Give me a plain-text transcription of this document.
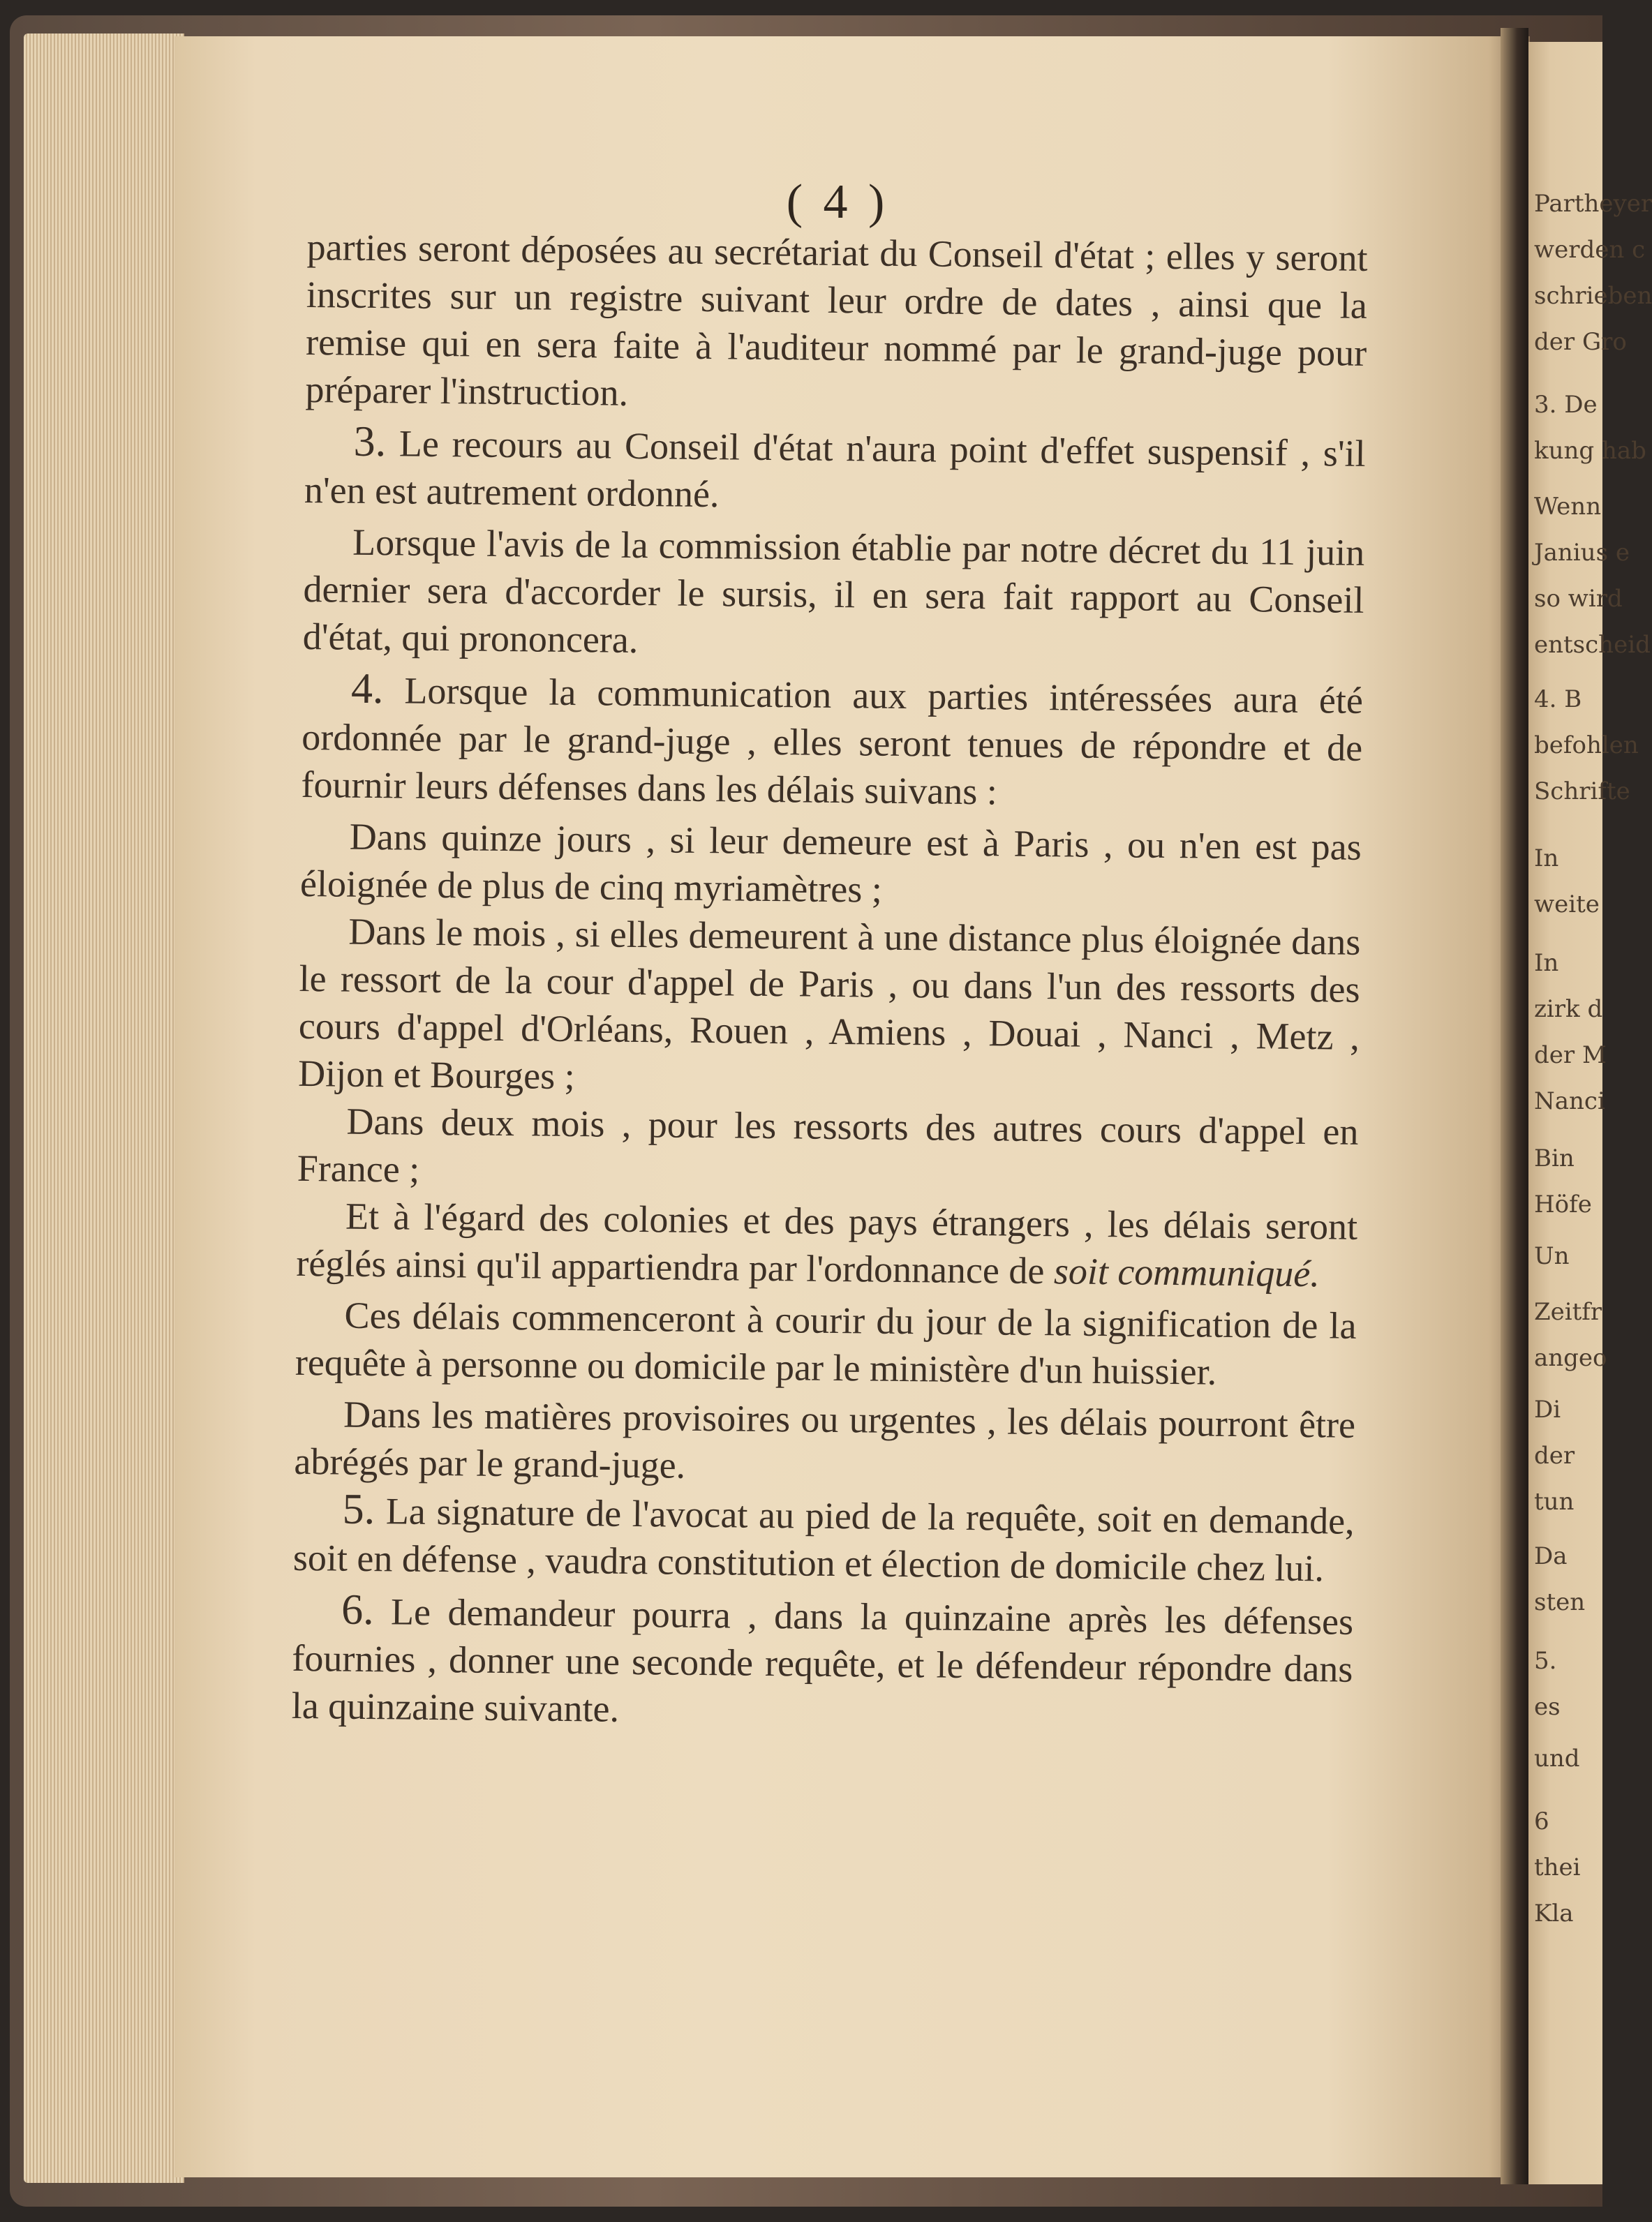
Partheyer
werden c
schrieben
der Gro
3. De
kung hab
Wenn
Janius e
so wird
entscheid
4. B
befohlen
Schrifte
In
weite
In
zirk d
der M
Nanci
Bin
Höfe
Un
Zeitfr
angeo
Di
der
tun
Da
sten
5.
es
und
6
thei
Kla
( 4 )

parties seront déposées au secrétariat du Conseil d'état ; elles y seront inscrites sur un registre suivant leur ordre de dates , ainsi que la remise qui en sera faite à l'auditeur nommé par le grand-juge pour préparer l'instruction.

3. Le recours au Conseil d'état n'aura point d'effet suspensif , s'il n'en est autrement ordonné.

Lorsque l'avis de la commission établie par notre décret du 11 juin dernier sera d'accorder le sursis, il en sera fait rapport au Conseil d'état, qui prononcera.

4. Lorsque la communication aux parties intéressées aura été ordonnée par le grand-juge , elles seront tenues de répondre et de fournir leurs défenses dans les délais suivans :

Dans quinze jours , si leur demeure est à Paris , ou n'en est pas éloignée de plus de cinq myriamètres ;

Dans le mois , si elles demeurent à une distance plus éloignée dans le ressort de la cour d'appel de Paris , ou dans l'un des ressorts des cours d'appel d'Orléans, Rouen , Amiens , Douai , Nanci , Metz , Dijon et Bourges ;

Dans deux mois , pour les ressorts des autres cours d'appel en France ;

Et à l'égard des colonies et des pays étrangers , les délais seront réglés ainsi qu'il appartiendra par l'ordonnance de soit communiqué.

Ces délais commenceront à courir du jour de la signification de la requête à personne ou domicile par le ministère d'un huissier.

Dans les matières provisoires ou urgentes , les délais pourront être abrégés par le grand-juge.

5. La signature de l'avocat au pied de la requête, soit en demande, soit en défense , vaudra constitution et élection de domicile chez lui.

6. Le demandeur pourra , dans la quinzaine après les défenses fournies , donner une seconde requête, et le défendeur répondre dans la quinzaine suivante.
